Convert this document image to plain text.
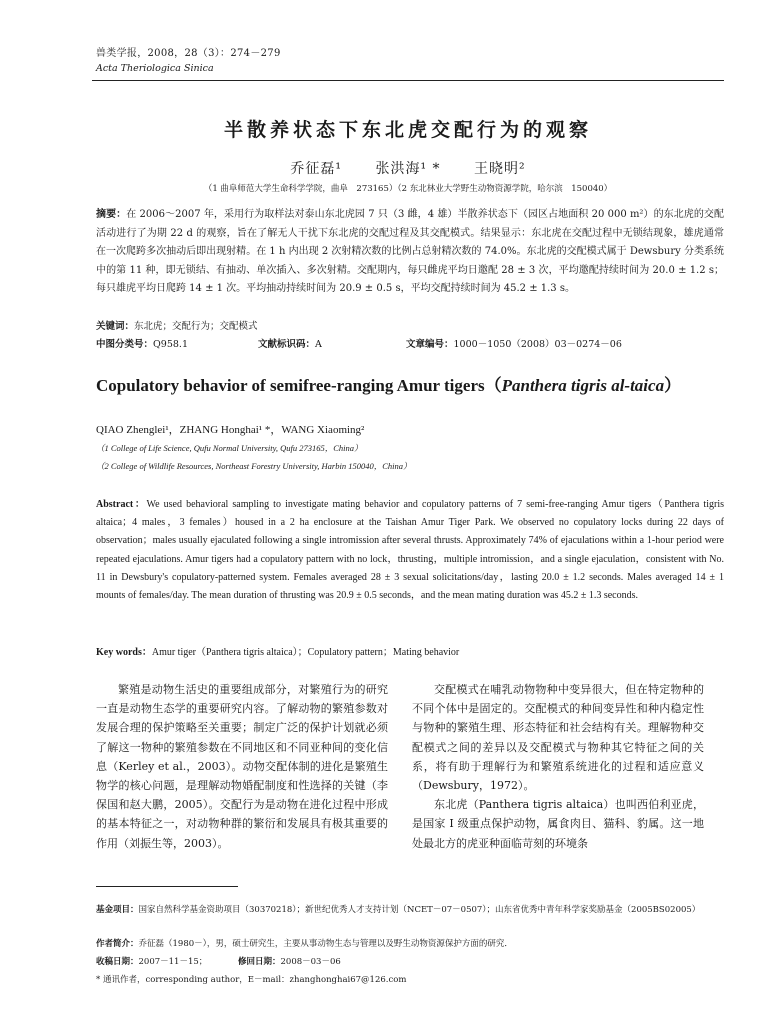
兽类学报，2008，28（3）：274－279
Acta Theriologica Sinica
半散养状态下东北虎交配行为的观察
乔征磊¹ 张洪海¹ * 王晓明²
（1 曲阜师范大学生命科学学院，曲阜　273165）（2 东北林业大学野生动物资源学院，哈尔滨　150040）
摘要：在 2006～2007 年，采用行为取样法对泰山东北虎园 7 只（3 雌，4 雄）半散养状态下（园区占地面积 20 000 m²）的东北虎的交配活动进行了为期 22 d 的观察，旨在了解无人干扰下东北虎的交配过程及其交配模式。结果显示：东北虎在交配过程中无锁结现象，雄虎通常在一次爬跨多次抽动后即出现射精。在 1 h 内出现 2 次射精次数的比例占总射精次数的 74.0%。东北虎的交配模式属于 Dewsbury 分类系统中的第 11 种，即无锁结、有抽动、单次插入、多次射精。交配期内，每只雌虎平均日邀配 28 ± 3 次，平均邀配持续时间为 20.0 ± 1.2 s；每只雄虎平均日爬跨 14 ± 1 次。平均抽动持续时间为 20.9 ± 0.5 s，平均交配持续时间为 45.2 ± 1.3 s。
关键词：东北虎；交配行为；交配模式
中图分类号：Q958.1	文献标识码：A	文章编号：1000－1050（2008）03－0274－06
Copulatory behavior of semifree-ranging Amur tigers（Panthera tigris al-taica）
QIAO Zhenglei¹，ZHANG Honghai¹ *，WANG Xiaoming²
（1 College of Life Science, Qufu Normal University, Qufu 273165，China）
（2 College of Wildlife Resources, Northeast Forestry University, Harbin 150040，China）
Abstract：We used behavioral sampling to investigate mating behavior and copulatory patterns of 7 semi-free-ranging Amur tigers（Panthera tigris altaica；4 males，3 females）housed in a 2 ha enclosure at the Taishan Amur Tiger Park. We observed no copulatory locks during 22 days of observation；males usually ejaculated following a single intromission after several thrusts. Approximately 74% of ejaculations within a 1-hour period were repeated ejaculations. Amur tigers had a copulatory pattern with no lock，thrusting，multiple intromission，and a single ejaculation，consistent with No. 11 in Dewsbury's copulatory-patterned system. Females averaged 28 ± 3 sexual solicitations/day，lasting 20.0 ± 1.2 seconds. Males averaged 14 ± 1 mounts of females/day. The mean duration of thrusting was 20.9 ± 0.5 seconds，and the mean mating duration was 45.2 ± 1.3 seconds.
Key words：Amur tiger（Panthera tigris altaica）；Copulatory pattern；Mating behavior

繁殖是动物生活史的重要组成部分，对繁殖行为的研究一直是动物生态学的重要研究内容。了解动物的繁殖参数对发展合理的保护策略至关重要；制定广泛的保护计划就必须了解这一物种的繁殖参数在不同地区和不同亚种间的变化信息（Kerley et al.，2003）。动物交配体制的进化是繁殖生物学的核心问题，是理解动物婚配制度和性选择的关键（李保国和赵大鹏，2005）。交配行为是动物在进化过程中形成的基本特征之一，对动物种群的繁衍和发展具有极其重要的作用（刘振生等，2003）。

交配模式在哺乳动物物种中变异很大，但在特定物种的不同个体中是固定的。交配模式的种间变异性和种内稳定性与物种的繁殖生理、形态特征和社会结构有关。理解物种交配模式之间的差异以及交配模式与物种其它特征之间的关系，将有助于理解行为和繁殖系统进化的过程和适应意义（Dewsbury，1972）。

东北虎（Panthera tigris altaica）也叫西伯利亚虎，是国家 Ⅰ 级重点保护动物，属食肉目、猫科、豹属。这一地处最北方的虎亚种面临苛刻的环境条

基金项目：国家自然科学基金资助项目（30370218）；新世纪优秀人才支持计划（NCET－07－0507）；山东省优秀中青年科学家奖励基金（2005BS02005）
作者简介：乔征磊（1980－），男，硕士研究生，主要从事动物生态与管理以及野生动物资源保护方面的研究．
收稿日期：2007－11－15；	修回日期：2008－03－06
* 通讯作者，corresponding author，E－mail：zhanghonghai67@126.com
